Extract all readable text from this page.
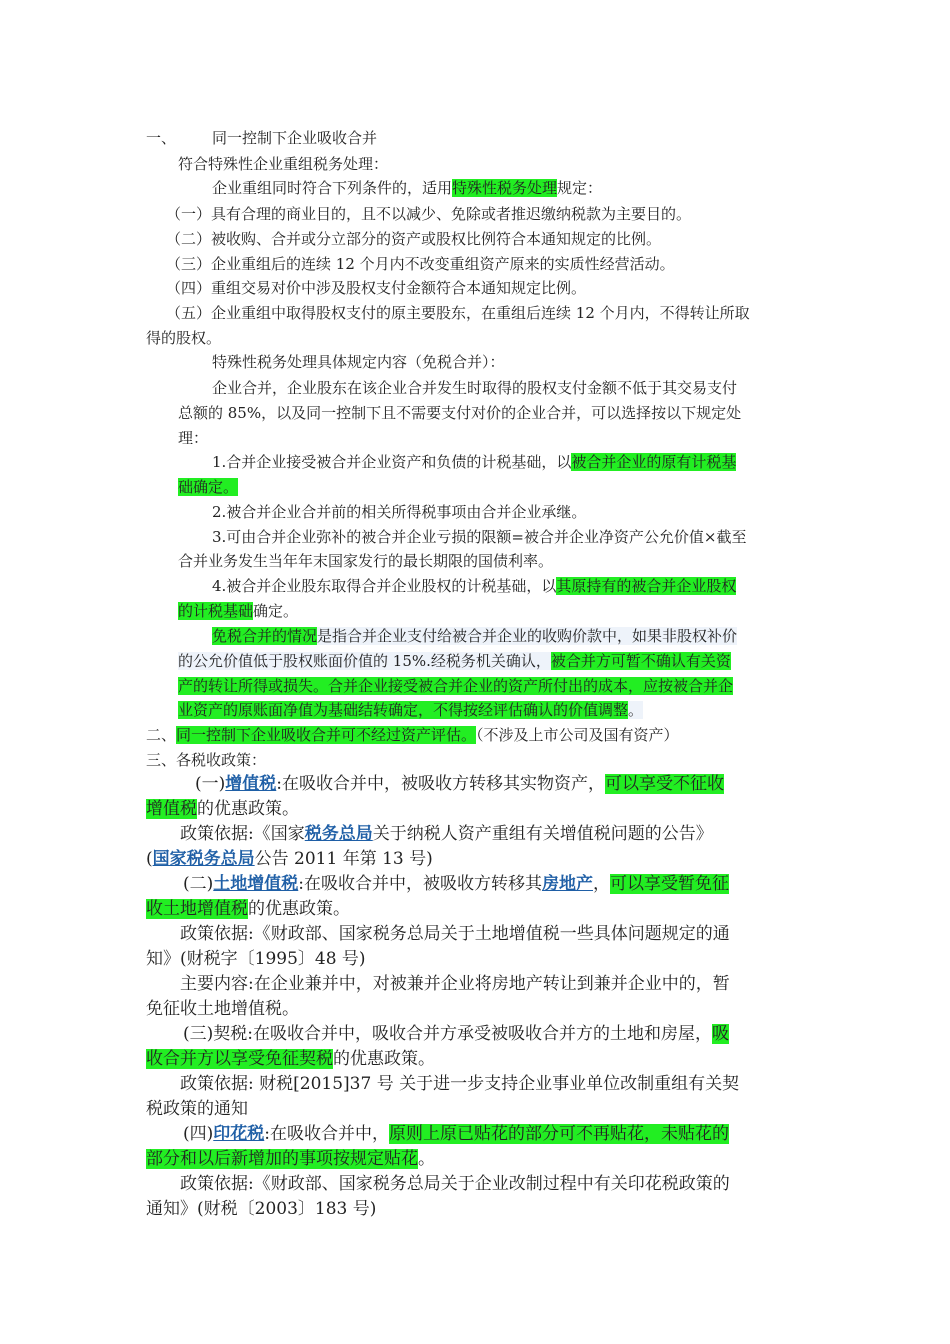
一、 同一控制下企业吸收合并
符合特殊性企业重组税务处理：
企业重组同时符合下列条件的，适用特殊性税务处理规定：
（一）具有合理的商业目的，且不以减少、免除或者推迟缴纳税款为主要目的。
（二）被收购、合并或分立部分的资产或股权比例符合本通知规定的比例。
（三）企业重组后的连续 12 个月内不改变重组资产原来的实质性经营活动。
（四）重组交易对价中涉及股权支付金额符合本通知规定比例。
（五）企业重组中取得股权支付的原主要股东，在重组后连续 12 个月内，不得转让所取
得的股权。
特殊性税务处理具体规定内容（免税合并）：
企业合并，企业股东在该企业合并发生时取得的股权支付金额不低于其交易支付
总额的 85%，以及同一控制下且不需要支付对价的企业合并，可以选择按以下规定处
理：
1.合并企业接受被合并企业资产和负债的计税基础，以被合并企业的原有计税基
础确定。
2.被合并企业合并前的相关所得税事项由合并企业承继。
3.可由合并企业弥补的被合并企业亏损的限额=被合并企业净资产公允价值×截至
合并业务发生当年年末国家发行的最长期限的国债利率。
4.被合并企业股东取得合并企业股权的计税基础，以其原持有的被合并企业股权
的计税基础确定。
免税合并的情况是指合并企业支付给被合并企业的收购价款中，如果非股权补价
的公允价值低于股权账面价值的 15%.经税务机关确认，被合并方可暂不确认有关资
产的转让所得或损失。合并企业接受被合并企业的资产所付出的成本，应按被合并企
业资产的原账面净值为基础结转确定，不得按经评估确认的价值调整。
二、同一控制下企业吸收合并可不经过资产评估。（不涉及上市公司及国有资产）
三、各税收政策：
(一)增值税:在吸收合并中，被吸收方转移其实物资产，可以享受不征收
增值税的优惠政策。
政策依据:《国家税务总局关于纳税人资产重组有关增值税问题的公告》
(国家税务总局公告 2011 年第 13 号)
(二)土地增值税:在吸收合并中，被吸收方转移其房地产，可以享受暂免征
收土地增值税的优惠政策。
政策依据:《财政部、国家税务总局关于土地增值税一些具体问题规定的通
知》(财税字〔1995〕48 号)
主要内容:在企业兼并中，对被兼并企业将房地产转让到兼并企业中的，暂
免征收土地增值税。
(三)契税:在吸收合并中，吸收合并方承受被吸收合并方的土地和房屋，吸
收合并方以享受免征契税的优惠政策。
政策依据: 财税[2015]37 号 关于进一步支持企业事业单位改制重组有关契
税政策的通知
(四)印花税:在吸收合并中，原则上原已贴花的部分可不再贴花，未贴花的
部分和以后新增加的事项按规定贴花。
政策依据:《财政部、国家税务总局关于企业改制过程中有关印花税政策的
通知》(财税〔2003〕183 号)
